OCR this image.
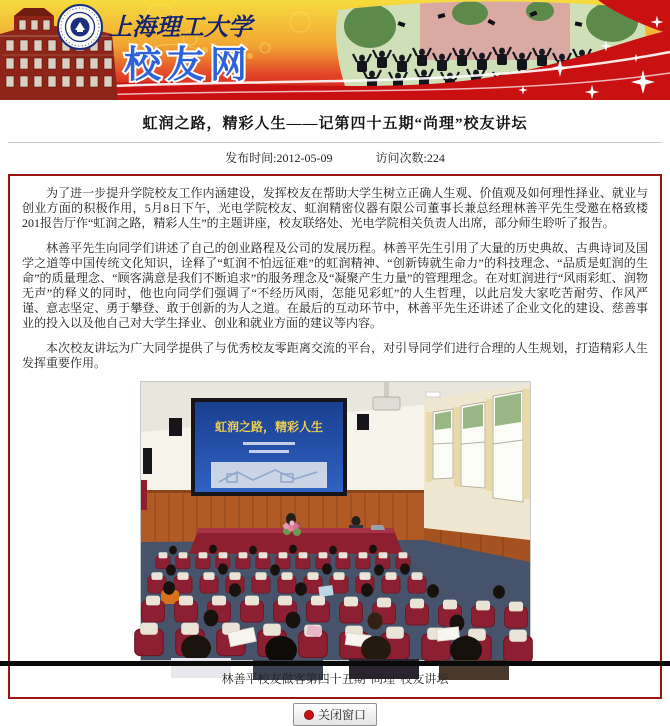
上海理工大学
校友网
虹润之路，精彩人生——记第四十五期“尚理”校友讲坛
发布时间:2012-05-09	访问次数:224

为了进一步提升学院校友工作内涵建设，发挥校友在帮助大学生树立正确人生观、价值观及如何理性择业、就业与创业方面的积极作用，5月8日下午，光电学院校友、虹润精密仪器有限公司董事长兼总经理林善平先生受邀在格致楼201报告厅作“虹润之路，精彩人生”的主题讲座，校友联络处、光电学院相关负责人出席，部分师生聆听了报告。

林善平先生向同学们讲述了自己的创业路程及公司的发展历程。林善平先生引用了大量的历史典故、古典诗词及国学之道等中国传统文化知识，诠释了“虹润不怕远征难”的虹润精神、“创新铸就生命力”的科技理念、“品质是虹润的生命”的质量理念、“顾客满意是我们不断追求”的服务理念及“凝聚产生力量”的管理理念。在对虹润进行“风雨彩虹、润物无声”的释义的同时，他也向同学们强调了“不经历风雨，怎能见彩虹”的人生哲理，以此启发大家吃苦耐劳、作风严谨、意志坚定、勇于攀登、敢于创新的为人之道。在最后的互动环节中，林善平先生还讲述了企业文化的建设、慈善事业的投入以及他自己对大学生择业、创业和就业方面的建议等内容。

本次校友讲坛为广大同学提供了与优秀校友零距离交流的平台，对引导同学们进行合理的人生规划，打造精彩人生发挥重要作用。

虹润之路，精彩人生
林善平校友做客第四十五期“尚理”校友讲坛
关闭窗口
